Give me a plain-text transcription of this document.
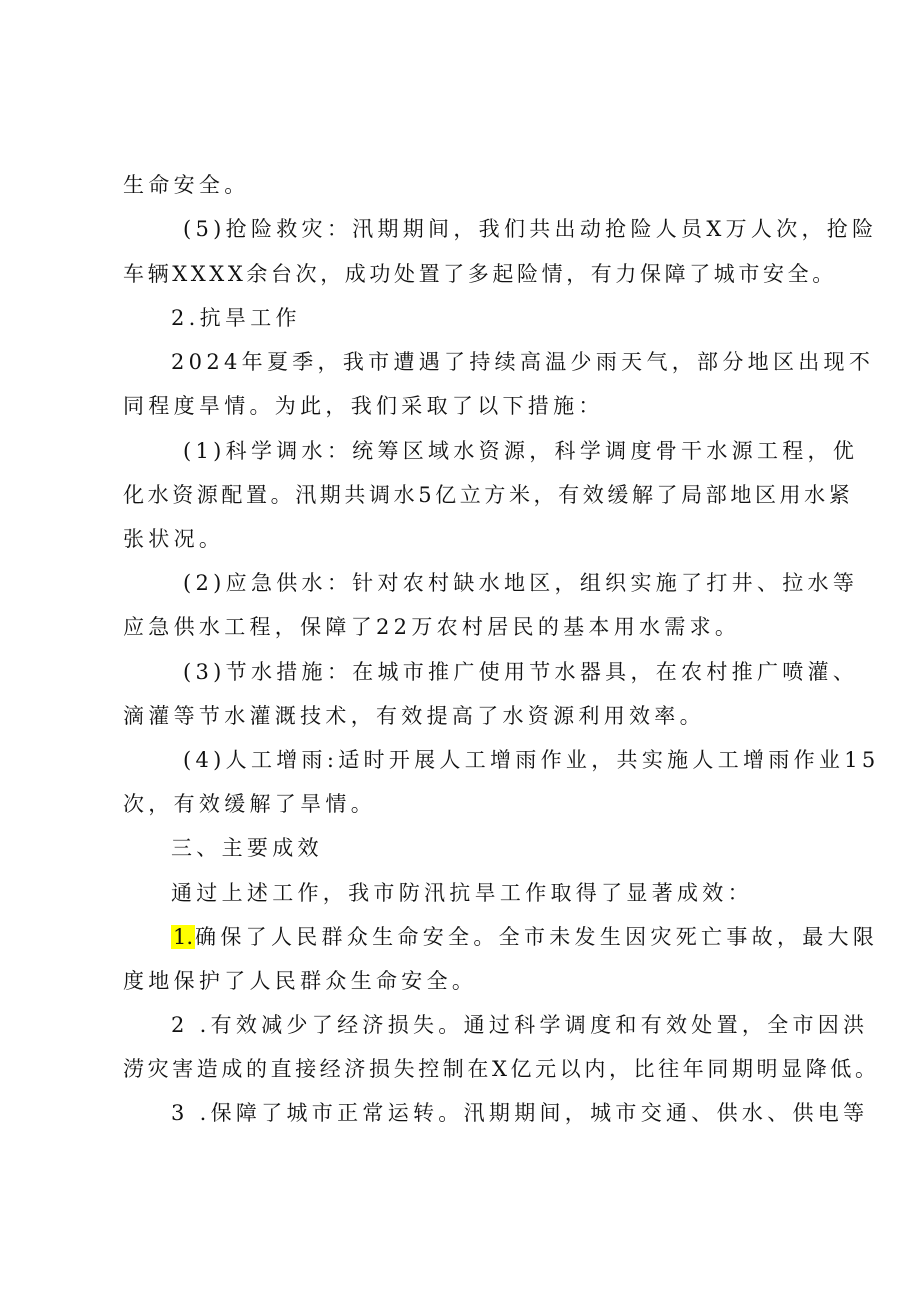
生命安全。
(5)抢险救灾：汛期期间，我们共出动抢险人员X万人次，抢险
车辆XXXX余台次，成功处置了多起险情，有力保障了城市安全。
2.抗旱工作
2024年夏季，我市遭遇了持续高温少雨天气，部分地区出现不
同程度旱情。为此，我们采取了以下措施：
(1)科学调水：统筹区域水资源，科学调度骨干水源工程，优
化水资源配置。汛期共调水5亿立方米，有效缓解了局部地区用水紧
张状况。
(2)应急供水：针对农村缺水地区，组织实施了打井、拉水等
应急供水工程，保障了22万农村居民的基本用水需求。
(3)节水措施：在城市推广使用节水器具，在农村推广喷灌、
滴灌等节水灌溉技术，有效提高了水资源利用效率。
(4)人工增雨:适时开展人工增雨作业，共实施人工增雨作业15
次，有效缓解了旱情。
三、主要成效
通过上述工作，我市防汛抗旱工作取得了显著成效：
1.确保了人民群众生命安全。全市未发生因灾死亡事故，最大限
度地保护了人民群众生命安全。
2 .有效减少了经济损失。通过科学调度和有效处置，全市因洪
涝灾害造成的直接经济损失控制在X亿元以内，比往年同期明显降低。
3 .保障了城市正常运转。汛期期间，城市交通、供水、供电等
